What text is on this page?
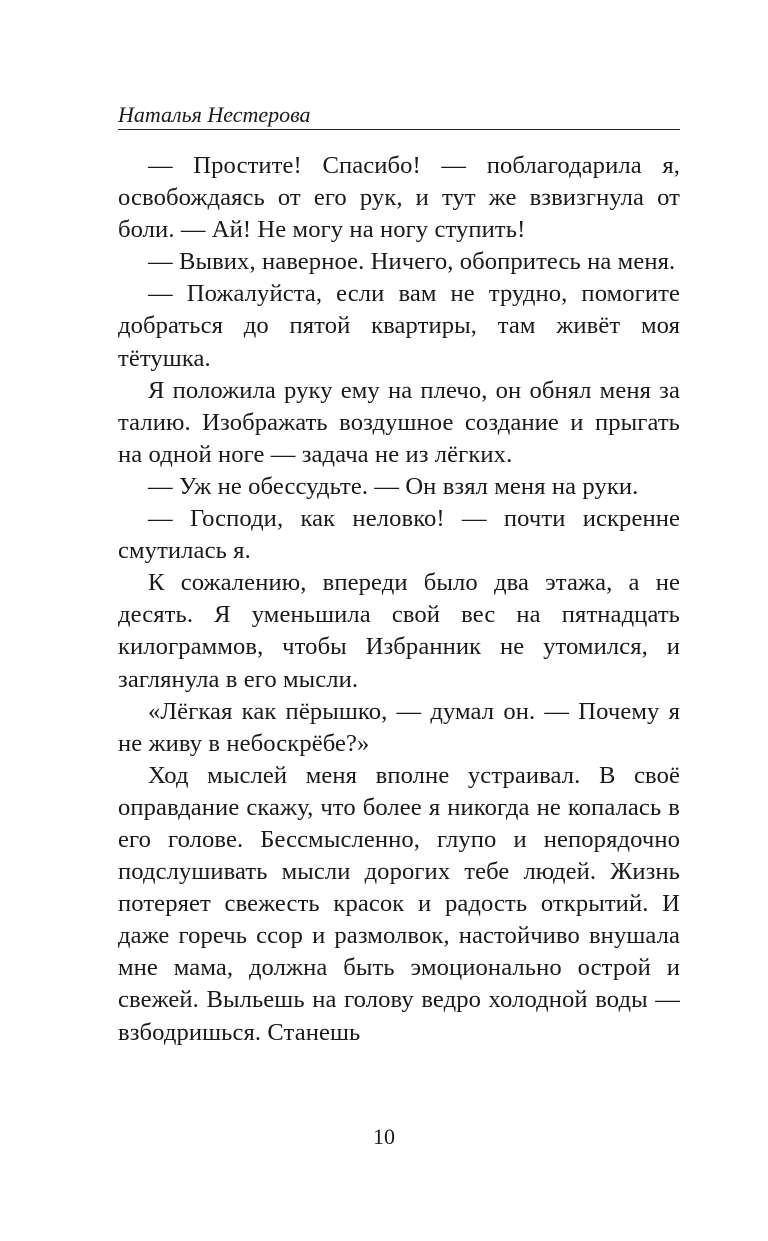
Наталья Нестерова

— Простите! Спасибо! — поблагодарила я, освобождаясь от его рук, и тут же взвизгнула от боли. — Ай! Не могу на ногу ступить!

— Вывих, наверное. Ничего, обопритесь на меня.

— Пожалуйста, если вам не трудно, помогите добраться до пятой квартиры, там живёт моя тётушка.

Я положила руку ему на плечо, он обнял меня за талию. Изображать воздушное создание и прыгать на одной ноге — задача не из лёгких.

— Уж не обессудьте. — Он взял меня на руки.

— Господи, как неловко! — почти искренне смутилась я.

К сожалению, впереди было два этажа, а не десять. Я уменьшила свой вес на пятнадцать килограммов, чтобы Избранник не утомился, и заглянула в его мысли.

«Лёгкая как пёрышко, — думал он. — Почему я не живу в небоскрёбе?»

Ход мыслей меня вполне устраивал. В своё оправдание скажу, что более я никогда не копалась в его голове. Бессмысленно, глупо и непорядочно подслушивать мысли дорогих тебе людей. Жизнь потеряет свежесть красок и радость открытий. И даже горечь ссор и размолвок, настойчиво внушала мне мама, должна быть эмоционально острой и свежей. Выльешь на голову ведро холодной воды — взбодришься. Станешь

10
